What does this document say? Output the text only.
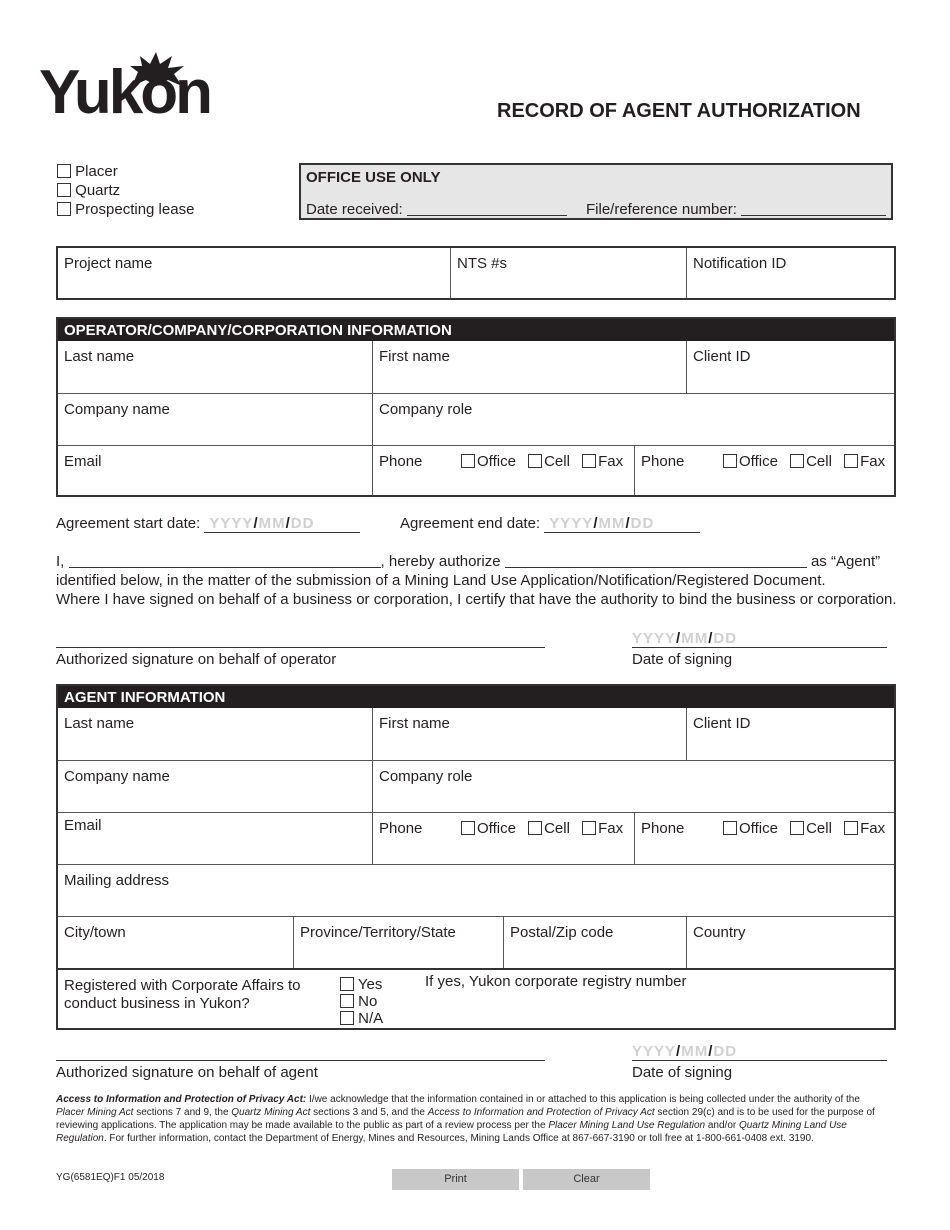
Yukon	RECORD OF AGENT AUTHORIZATION
Placer
Quartz
Prospecting lease
OFFICE USE ONLY
Date received:	File/reference number:
Project name	NTS #s	Notification ID
OPERATOR/COMPANY/CORPORATION INFORMATION
Last name	First name	Client ID
Company name	Company role
Email	Phone	Office Cell Fax Phone	Office Cell Fax
Agreement start date: YYYY/MM/DD	Agreement end date: YYYY/MM/DD
I,	, hereby authorize	as “Agent”
identified below, in the matter of the submission of a Mining Land Use Application/Notification/Registered Document.
Where I have signed on behalf of a business or corporation, I certify that have the authority to bind the business or corporation.
Authorized signature on behalf of operator
YYYY/MM/DD
Date of signing
AGENT INFORMATION
Last name	First name	Client ID
Company name	Company role
Email	Phone	Office Cell Fax Phone	Office Cell Fax
Mailing address
City/town	Province/Territory/State	Postal/Zip code	Country
Registered with Corporate Affairs to
conduct business in Yukon?
Yes
No
N/A
If yes, Yukon corporate registry number
Authorized signature on behalf of agent
YYYY/MM/DD
Date of signing
Access to Information and Protection of Privacy Act: I/we acknowledge that the information contained in or attached to this application is being collected under the authority of the Placer Mining Act sections 7 and 9, the Quartz Mining Act sections 3 and 5, and the Access to Information and Protection of Privacy Act section 29(c) and is to be used for the purpose of reviewing applications. The application may be made available to the public as part of a review process per the Placer Mining Land Use Regulation and/or Quartz Mining Land Use Regulation. For further information, contact the Department of Energy, Mines and Resources, Mining Lands Office at 867-667-3190 or toll free at 1-800-661-0408 ext. 3190.
YG(6581EQ)F1 05/2018	Print	Clear
